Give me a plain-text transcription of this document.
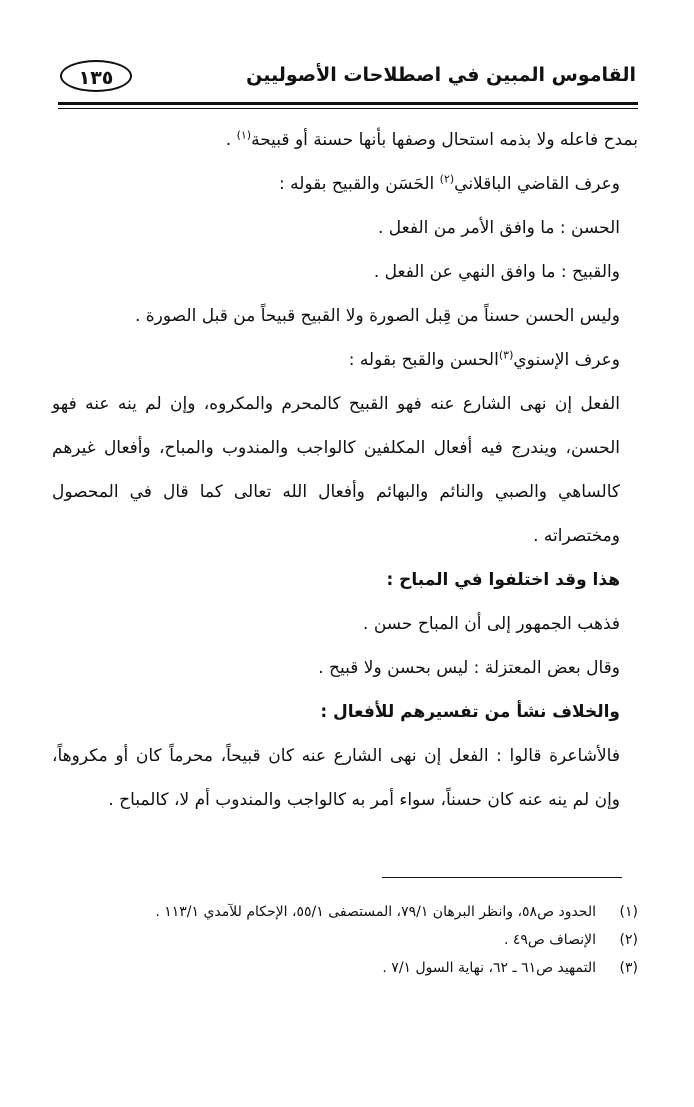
القاموس المبين في اصطلاحات الأصوليين
١٣٥

بمدح فاعله ولا بذمه استحال وصفها بأنها حسنة أو قبيحة$^{(١)}$ .

وعرف القاضي الباقلاني$^{(٢)}$ الحَسَن والقبيح بقوله :

الحسن : ما وافق الأمر من الفعل .

والقبيح : ما وافق النهي عن الفعل .

وليس الحسن حسناً من قِبل الصورة ولا القبيح قبيحاً من قبل الصورة .

وعرف الإسنوي$^{(٣)}$الحسن والقبح بقوله :

الفعل إن نهى الشارع عنه فهو القبيح كالمحرم والمكروه، وإن لم ينه عنه فهو الحسن، ويندرج فيه أفعال المكلفين كالواجب والمندوب والمباح، وأفعال غيرهم كالساهي والصبي والنائم والبهائم وأفعال الله تعالى كما قال في المحصول ومختصراته .

هذا وقد اختلفوا في المباح :

فذهب الجمهور إلى أن المباح حسن .

وقال بعض المعتزلة : ليس بحسن ولا قبيح .

والخلاف نشأ من تفسيرهم للأفعال :

فالأشاعرة قالوا : الفعل إن نهى الشارع عنه كان قبيحاً، محرماً كان أو مكروهاً، وإن لم ينه عنه كان حسناً، سواء أمر به كالواجب والمندوب أم لا، كالمباح .

(١)
الحدود ص٥٨، وانظر البرهان ٧٩/١، المستصفى ٥٥/١، الإحكام للآمدي ١١٣/١ .
(٢)
الإنصاف ص٤٩ .
(٣)
التمهيد ص٦١ ـ ٦٢، نهاية السول ٧/١ .
